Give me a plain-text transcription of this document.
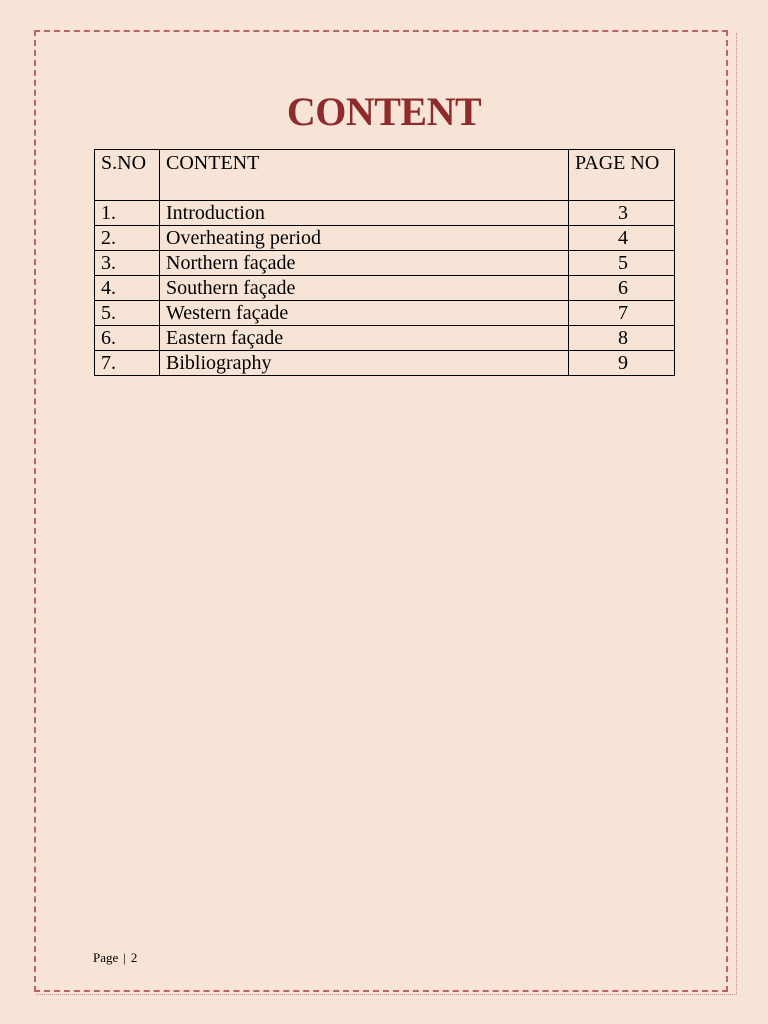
CONTENT
S.NO	CONTENT	PAGE NO
1.	Introduction	3
2.	Overheating period	4
3.	Northern façade	5
4.	Southern façade	6
5.	Western façade	7
6.	Eastern façade	8
7.	Bibliography	9
Page | 2
